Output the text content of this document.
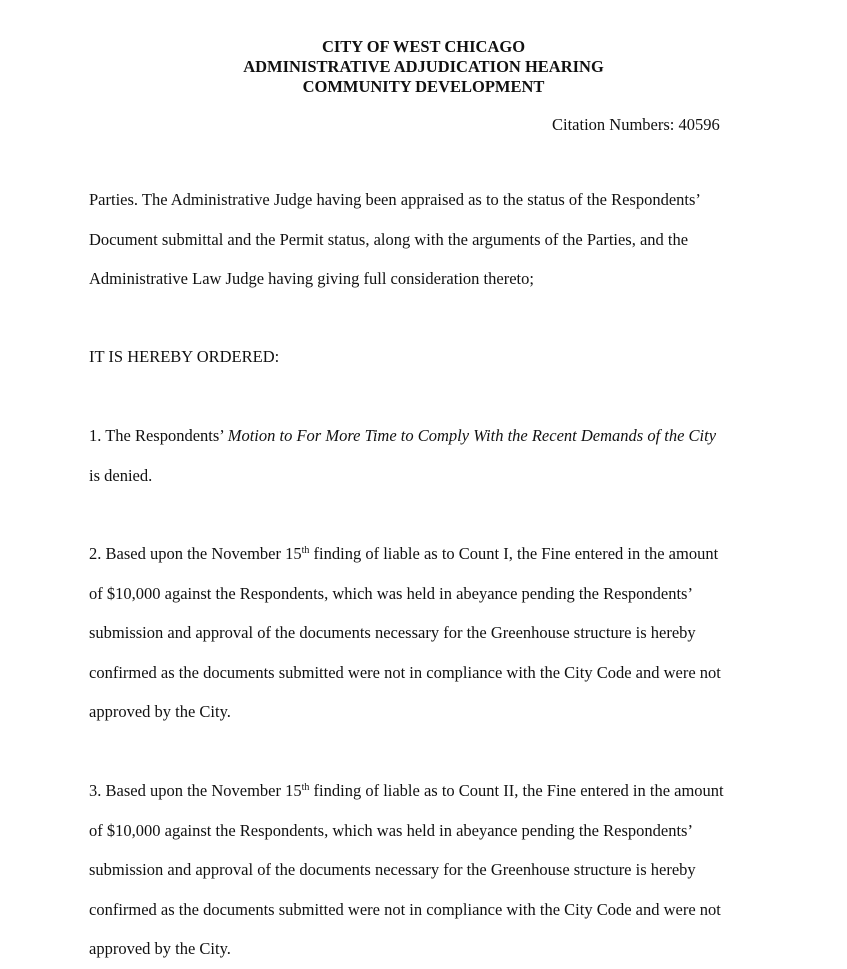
CITY OF WEST CHICAGO
ADMINISTRATIVE ADJUDICATION HEARING
COMMUNITY DEVELOPMENT
Citation Numbers: 40596
Parties. The Administrative Judge having been appraised as to the status of the Respondents’
Document submittal and the Permit status, along with the arguments of the Parties, and the
Administrative Law Judge having giving full consideration thereto;
IT IS HEREBY ORDERED:
1. The Respondents’ Motion to For More Time to Comply With the Recent Demands of the City
is denied.
2. Based upon the November 15th finding of liable as to Count I, the Fine entered in the amount
of $10,000 against the Respondents, which was held in abeyance pending the Respondents’
submission and approval of the documents necessary for the Greenhouse structure is hereby
confirmed as the documents submitted were not in compliance with the City Code and were not
approved by the City.
3. Based upon the November 15th finding of liable as to Count II, the Fine entered in the amount
of $10,000 against the Respondents, which was held in abeyance pending the Respondents’
submission and approval of the documents necessary for the Greenhouse structure is hereby
confirmed as the documents submitted were not in compliance with the City Code and were not
approved by the City.
